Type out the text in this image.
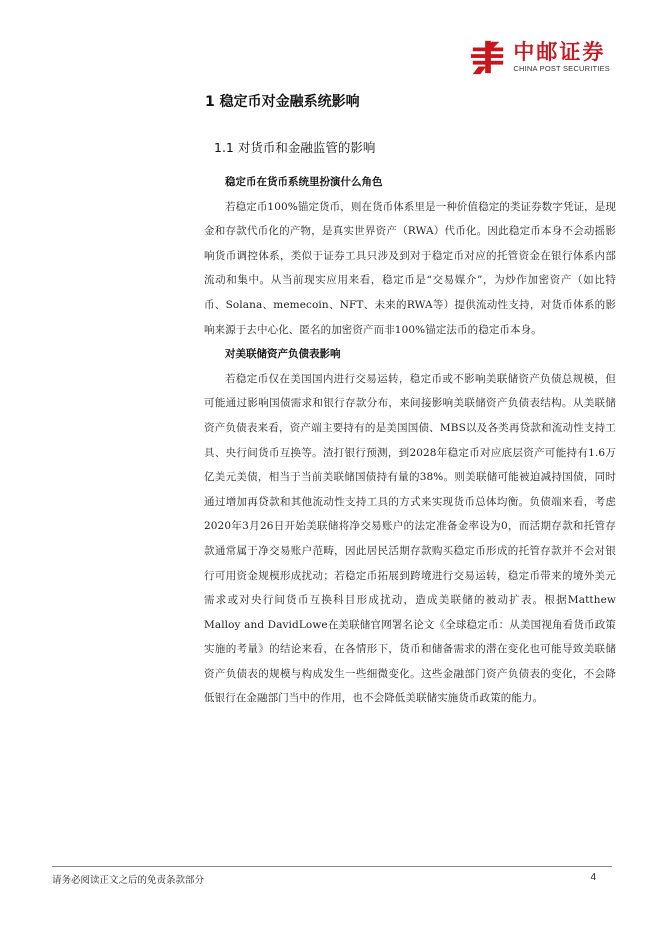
中邮证券
CHINA POST SECURITIES
1 稳定币对金融系统影响
1.1 对货币和金融监管的影响

稳定币在货币系统里扮演什么角色

若稳定币100%锚定货币，则在货币体系里是一种价值稳定的类证券数字凭证，是现金和存款代币化的产物，是真实世界资产（RWA）代币化。因此稳定币本身不会动摇影响货币调控体系，类似于证券工具只涉及到对于稳定币对应的托管资金在银行体系内部流动和集中。从当前现实应用来看，稳定币是“交易媒介”，为炒作加密资产（如比特币、Solana、memecoin、NFT、未来的RWA等）提供流动性支持，对货币体系的影响来源于去中心化、匿名的加密资产而非100%锚定法币的稳定币本身。

对美联储资产负债表影响

若稳定币仅在美国国内进行交易运转，稳定币或不影响美联储资产负债总规模，但可能通过影响国债需求和银行存款分布，来间接影响美联储资产负债表结构。从美联储资产负债表来看，资产端主要持有的是美国国债、MBS以及各类再贷款和流动性支持工具、央行间货币互换等。渣打银行预测，到2028年稳定币对应底层资产可能持有1.6万亿美元美债，相当于当前美联储国债持有量的38%。则美联储可能被迫减持国债，同时通过增加再贷款和其他流动性支持工具的方式来实现货币总体均衡。负债端来看，考虑2020年3月26日开始美联储将净交易账户的法定准备金率设为0，而活期存款和托管存款通常属于净交易账户范畴，因此居民活期存款购买稳定币形成的托管存款并不会对银行可用资金规模形成扰动；若稳定币拓展到跨境进行交易运转，稳定币带来的境外美元需求或对央行间货币互换科目形成扰动，造成美联储的被动扩表。根据Matthew Malloy and DavidLowe在美联储官网署名论文《全球稳定币：从美国视角看货币政策实施的考量》的结论来看，在各情形下，货币和储备需求的潜在变化也可能导致美联储资产负债表的规模与构成发生一些细微变化。这些金融部门资产负债表的变化，不会降低银行在金融部门当中的作用，也不会降低美联储实施货币政策的能力。

请务必阅读正文之后的免责条款部分	4
